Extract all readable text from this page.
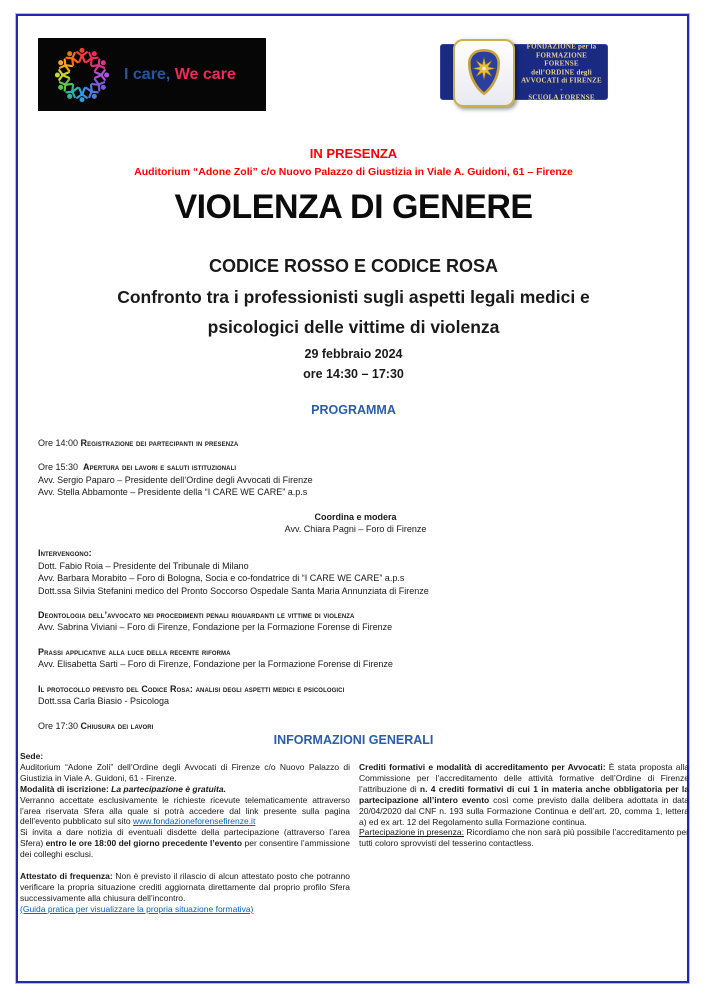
I care, We care
FONDAZIONE per la
FORMAZIONE FORENSE
dell’ORDINE degli
AVVOCATI di FIRENZE
-
SCUOLA FORENSE
IN PRESENZA
Auditorium “Adone Zoli” c/o Nuovo Palazzo di Giustizia in Viale A. Guidoni, 61 – Firenze
VIOLENZA DI GENERE
CODICE ROSSO E CODICE ROSA
Confronto tra i professionisti sugli aspetti legali medici e
psicologici delle vittime di violenza
29 febbraio 2024
ore 14:30 – 17:30
PROGRAMMA
Ore 14:00 Registrazione dei partecipanti in presenza
Ore 15:30 Apertura dei lavori e saluti istituzionali
Avv. Sergio Paparo – Presidente dell’Ordine degli Avvocati di Firenze
Avv. Stella Abbamonte – Presidente della “I CARE WE CARE” a.p.s
Coordina e modera
Avv. Chiara Pagni – Foro di Firenze
Intervengono:
Dott. Fabio Roia – Presidente del Tribunale di Milano
Avv. Barbara Morabito – Foro di Bologna, Socia e co-fondatrice di “I CARE WE CARE” a.p.s
Dott.ssa Silvia Stefanini medico del Pronto Soccorso Ospedale Santa Maria Annunziata di Firenze
Deontologia dell’avvocato nei procedimenti penali riguardanti le vittime di violenza
Avv. Sabrina Viviani – Foro di Firenze, Fondazione per la Formazione Forense di Firenze
Prassi applicative alla luce della recente riforma
Avv. Elisabetta Sarti – Foro di Firenze, Fondazione per la Formazione Forense di Firenze
Il protocollo previsto del Codice Rosa: analisi degli aspetti medici e psicologici
Dott.ssa Carla Biasio - Psicologa
Ore 17:30 Chiusura dei lavori
INFORMAZIONI GENERALI

Sede:

Auditorium “Adone Zoli” dell’Ordine degli Avvocati di Firenze c/o Nuovo Palazzo di Giustizia in Viale A. Guidoni, 61 - Firenze.

Modalità di iscrizione: La partecipazione è gratuita.

Verranno accettate esclusivamente le richieste ricevute telematicamente attraverso l’area riservata Sfera alla quale si potrà accedere dal link presente sulla pagina dell’evento pubblicato sul sito www.fondazioneforensefirenze.it

Si invita a dare notizia di eventuali disdette della partecipazione (attraverso l’area Sfera) entro le ore 18:00 del giorno precedente l’evento per consentire l’ammissione dei colleghi esclusi.

Attestato di frequenza: Non è previsto il rilascio di alcun attestato posto che potranno verificare la propria situazione crediti aggiornata direttamente dal proprio profilo Sfera successivamente alla chiusura dell’incontro.

(Guida pratica per visualizzare la propria situazione formativa)

Crediti formativi e modalità di accreditamento per Avvocati: È stata proposta alla Commissione per l’accreditamento delle attività formative dell’Ordine di Firenze l’attribuzione di n. 4 crediti formativi di cui 1 in materia anche obbligatoria per la partecipazione all’intero evento così come previsto dalla delibera adottata in data 20/04/2020 dal CNF n. 193 sulla Formazione Continua e dell’art. 20, comma 1, lettera a) ed ex art. 12 del Regolamento sulla Formazione continua.

Partecipazione in presenza: Ricordiamo che non sarà più possibile l’accreditamento per tutti coloro sprovvisti del tesserino contactless.
